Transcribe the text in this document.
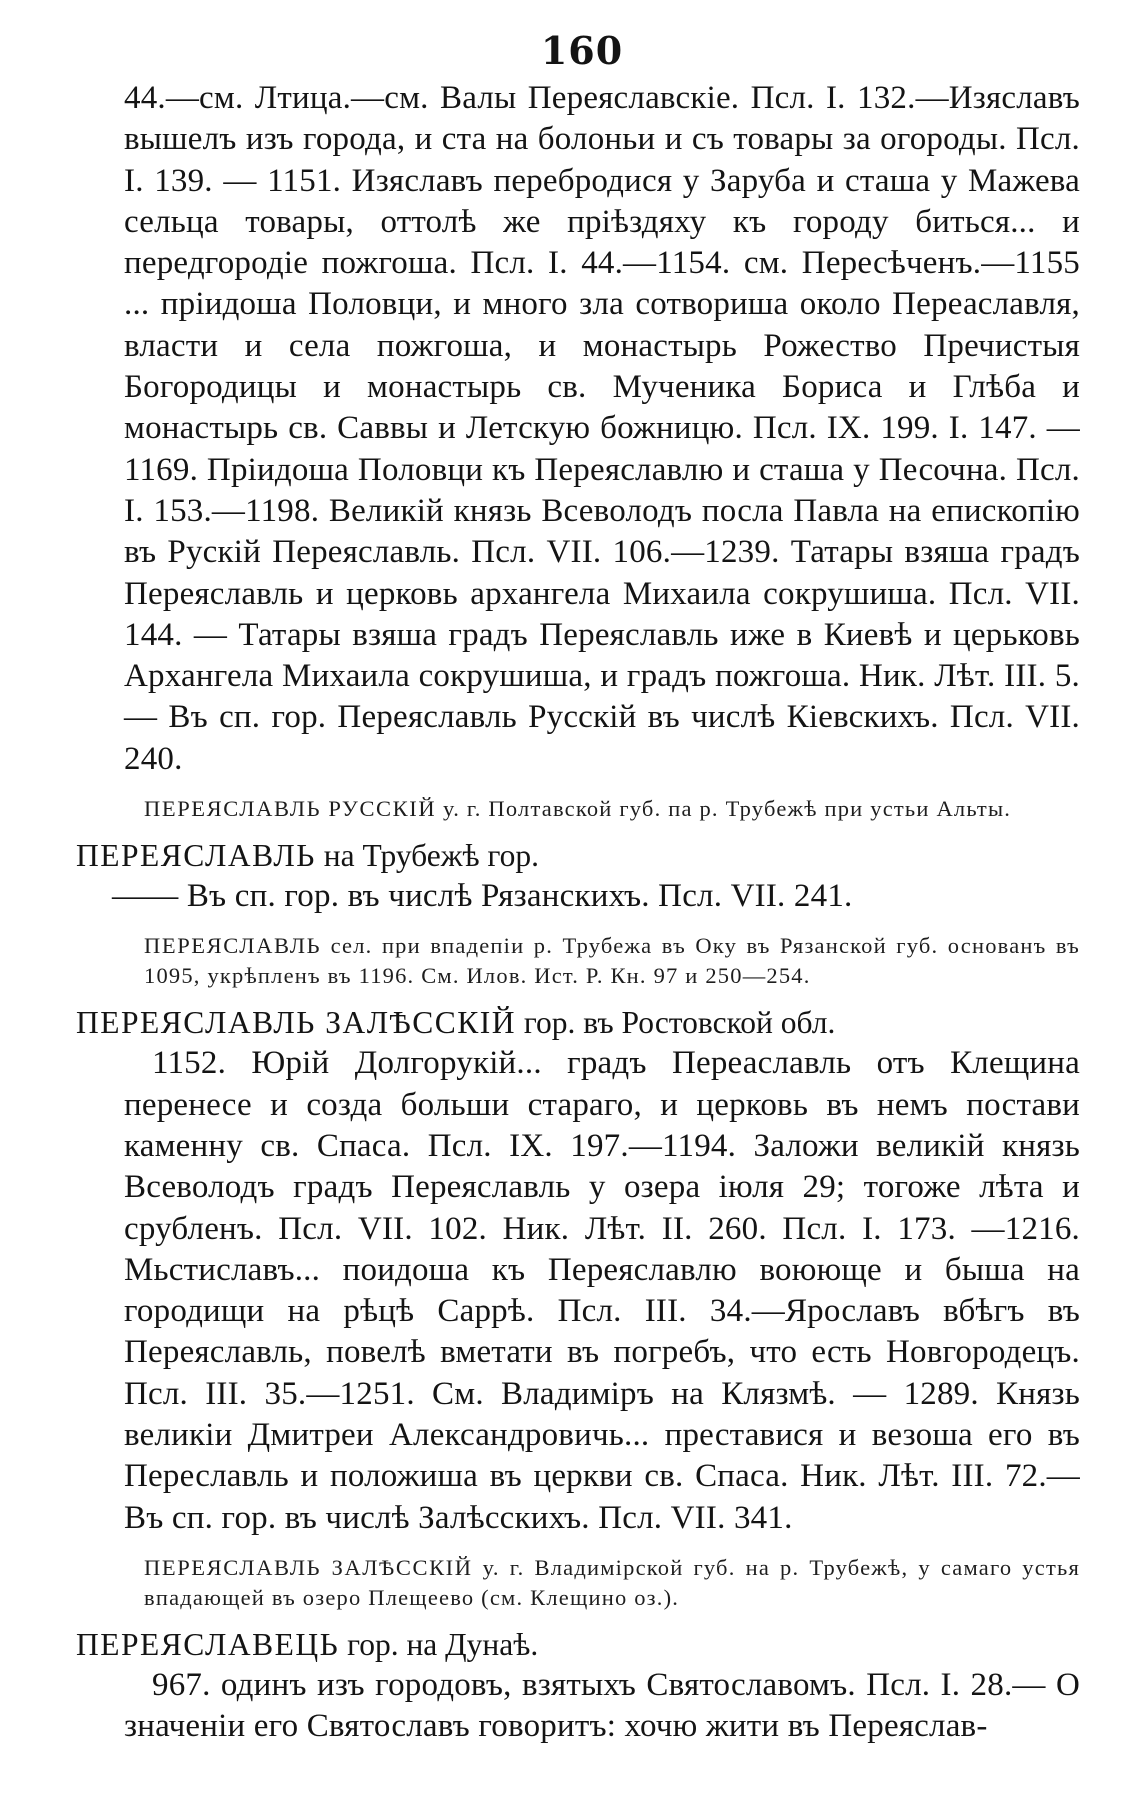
160

44.—см. Лтица.—см. Валы Переяславскіе. Псл. I. 132.—Изяславъ вышелъ изъ города, и ста на болоньи и съ товары за огороды. Псл. I. 139. — 1151. Изяславъ перебродися у Заруба и сташа у Мажева сельца товары, оттолѣ же пріѣздяху къ городу биться... и передгородіе пожгоша. Псл. I. 44.—1154. см. Пересѣченъ.—1155 ... пріидоша Половци, и много зла сотвориша около Переаславля, власти и села пожгоша, и монастырь Рожество Пречистыя Богородицы и монастырь св. Мученика Бориса и Глѣба и монастырь св. Саввы и Летскую божницю. Псл. IX. 199. I. 147. — 1169. Пріидоша Половци къ Переяславлю и сташа у Песочна. Псл. I. 153.—1198. Великій князь Всеволодъ посла Павла на епископію въ Рускій Переяславль. Псл. VII. 106.—1239. Татары взяша градъ Переяславль и церковь архангела Михаила сокрушиша. Псл. VII. 144. — Татары взяша градъ Переяславль иже в Киевѣ и церьковь Архангела Михаила сокрушиша, и градъ пожгоша. Ник. Лѣт. III. 5. — Въ сп. гор. Переяславль Русскій въ числѣ Кіевскихъ. Псл. VII. 240.

ПЕРЕЯСЛАВЛЬ РУССКІЙ у. г. Полтавской губ. па р. Трубежѣ при устьи Альты.

ПЕРЕЯСЛАВЛЬ на Трубежѣ гор.

—— Въ сп. гор. въ числѣ Рязанскихъ. Псл. VII. 241.

ПЕРЕЯСЛАВЛЬ сел. при впадепіи р. Трубежа въ Оку въ Рязанской губ. основанъ въ 1095, укрѣпленъ въ 1196. См. Илов. Ист. Р. Кн. 97 и 250—254.

ПЕРЕЯСЛАВЛЬ ЗАЛѢССКІЙ гор. въ Ростовской обл.

1152. Юрій Долгорукій... градъ Переаславль отъ Клещина перенесе и созда больши стараго, и церковь въ немъ постави каменну св. Спаса. Псл. IX. 197.—1194. Заложи великій князь Всеволодъ градъ Переяславль у озера іюля 29; тогоже лѣта и срубленъ. Псл. VII. 102. Ник. Лѣт. II. 260. Псл. I. 173. —1216. Мьстиславъ... поидоша къ Переяславлю воююще и быша на городищи на рѣцѣ Саррѣ. Псл. III. 34.—Ярославъ вбѣгъ въ Переяславль, повелѣ вметати въ погребъ, что есть Новгородецъ. Псл. III. 35.—1251. См. Владиміръ на Клязмѣ. — 1289. Князь великіи Дмитреи Александровичь... преставися и везоша его въ Переславль и положиша въ церкви св. Спаса. Ник. Лѣт. III. 72.— Въ сп. гор. въ числѣ Залѣсскихъ. Псл. VII. 341.

ПЕРЕЯСЛАВЛЬ ЗАЛѢССКІЙ у. г. Владимірской губ. на р. Трубежѣ, у самаго устья впадающей въ озеро Плещеево (см. Клещино оз.).

ПЕРЕЯСЛАВЕЦЬ гор. на Дунаѣ.

967. одинъ изъ городовъ, взятыхъ Святославомъ. Псл. I. 28.— О значеніи его Святославъ говоритъ: хочю жити въ Переяслав-
